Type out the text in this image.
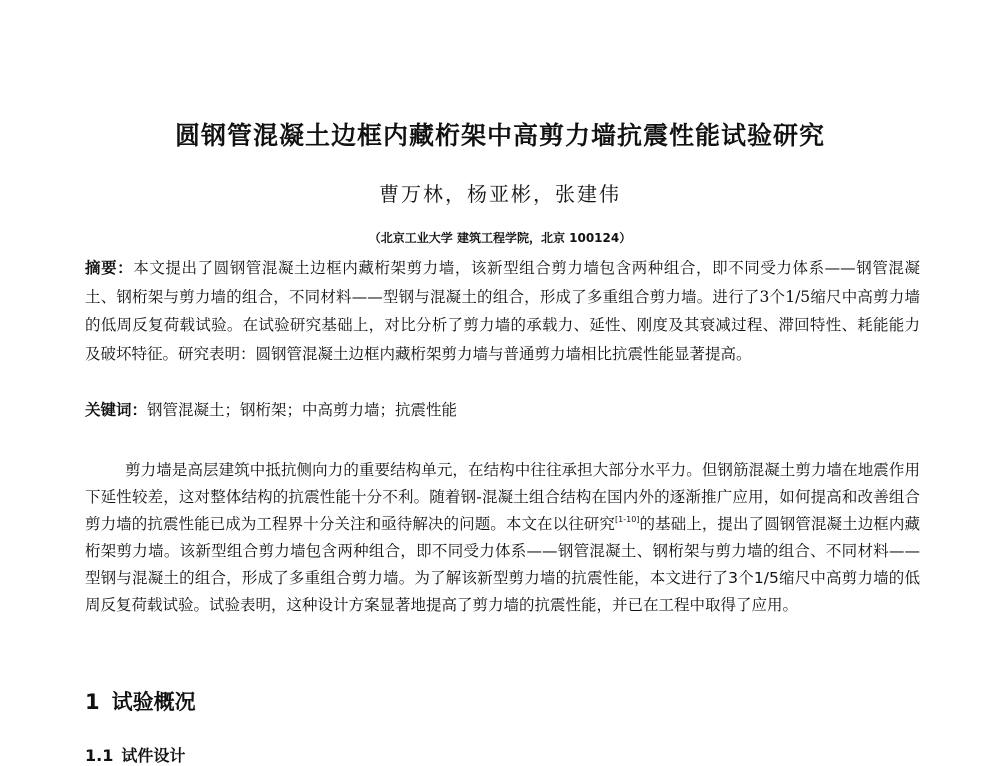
圆钢管混凝土边框内藏桁架中高剪力墙抗震性能试验研究
曹万林，杨亚彬，张建伟
（北京工业大学 建筑工程学院，北京 100124）
摘要：本文提出了圆钢管混凝土边框内藏桁架剪力墙，该新型组合剪力墙包含两种组合，即不同受力体系——钢管混凝土、钢桁架与剪力墙的组合，不同材料——型钢与混凝土的组合，形成了多重组合剪力墙。进行了3个1/5缩尺中高剪力墙的低周反复荷载试验。在试验研究基础上，对比分析了剪力墙的承载力、延性、刚度及其衰减过程、滞回特性、耗能能力及破坏特征。研究表明：圆钢管混凝土边框内藏桁架剪力墙与普通剪力墙相比抗震性能显著提高。
关键词：钢管混凝土；钢桁架；中高剪力墙；抗震性能
剪力墙是高层建筑中抵抗侧向力的重要结构单元，在结构中往往承担大部分水平力。但钢筋混凝土剪力墙在地震作用下延性较差，这对整体结构的抗震性能十分不利。随着钢-混凝土组合结构在国内外的逐渐推广应用，如何提高和改善组合剪力墙的抗震性能已成为工程界十分关注和亟待解决的问题。本文在以往研究[1-10]的基础上，提出了圆钢管混凝土边框内藏桁架剪力墙。该新型组合剪力墙包含两种组合，即不同受力体系——钢管混凝土、钢桁架与剪力墙的组合、不同材料——型钢与混凝土的组合，形成了多重组合剪力墙。为了解该新型剪力墙的抗震性能，本文进行了3个1/5缩尺中高剪力墙的低周反复荷载试验。试验表明，这种设计方案显著地提高了剪力墙的抗震性能，并已在工程中取得了应用。
1 试验概况
1.1 试件设计
